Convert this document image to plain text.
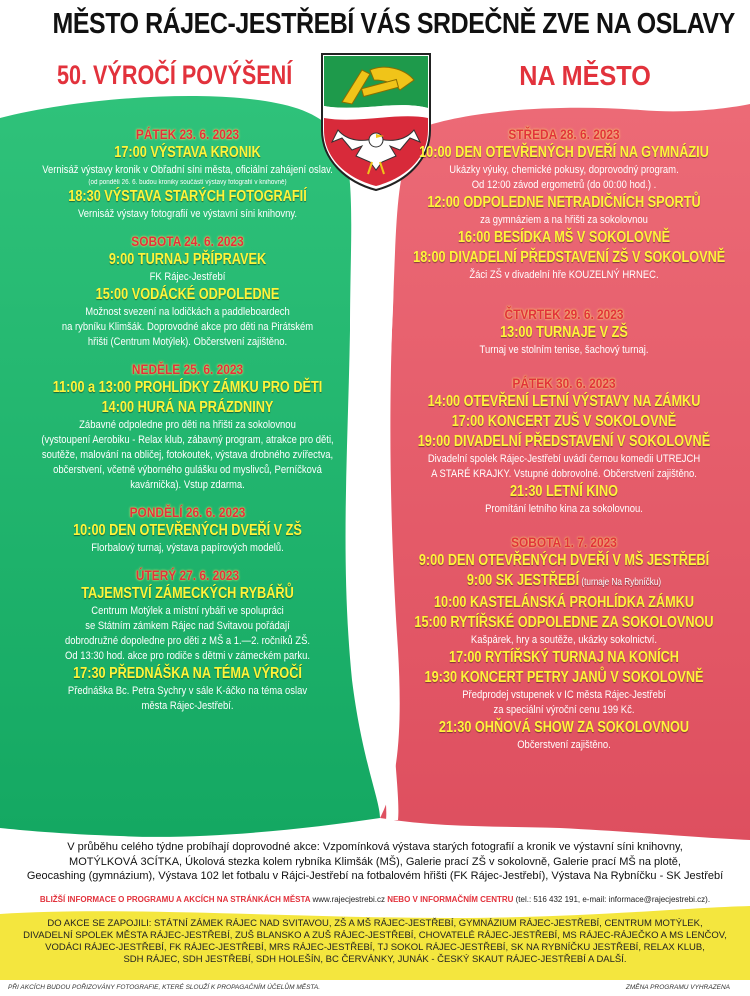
MĚSTO RÁJEC-JESTŘEBÍ VÁS SRDEČNĚ ZVE NA OSLAVY
50. VÝROČÍ POVÝŠENÍ	NA MĚSTO
PÁTEK 23. 6. 2023
17:00 VÝSTAVA KRONIK
Vernisáž výstavy kronik v Obřadní síni města, oficiální zahájení oslav.
(od pondělí 26. 6. budou kroniky součástí výstavy fotografií v knihovně)
18:30 VÝSTAVA STARÝCH FOTOGRAFIÍ
Vernisáž výstavy fotografií ve výstavní síni knihovny.
SOBOTA 24. 6. 2023
9:00 TURNAJ PŘÍPRAVEK
FK Rájec-Jestřebí
15:00 VODÁCKÉ ODPOLEDNE
Možnost svezení na lodičkách a paddleboardech
na rybníku Klimšák. Doprovodné akce pro děti na Pirátském
hřišti (Centrum Motýlek). Občerstvení zajištěno.
NEDĚLE 25. 6. 2023
11:00 a 13:00 PROHLÍDKY ZÁMKU PRO DĚTI
14:00 HURÁ NA PRÁZDNINY
Zábavné odpoledne pro děti na hřišti za sokolovnou
(vystoupení Aerobiku - Relax klub, zábavný program, atrakce pro děti,
soutěže, malování na obličej, fotokoutek, výstava drobného zvířectva,
občerstvení, včetně výborného gulášku od myslivců, Perníčková
kavárnička). Vstup zdarma.
PONDĚLÍ 26. 6. 2023
10:00 DEN OTEVŘENÝCH DVEŘÍ V ZŠ
Florbalový turnaj, výstava papírových modelů.
ÚTERÝ 27. 6. 2023
TAJEMSTVÍ ZÁMECKÝCH RYBÁŘŮ
Centrum Motýlek a místní rybáři ve spolupráci
se Státním zámkem Rájec nad Svitavou pořádají
dobrodružné dopoledne pro děti z MŠ a 1.—2. ročníků ZŠ.
Od 13:30 hod. akce pro rodiče s dětmi v zámeckém parku.
17:30 PŘEDNÁŠKA NA TÉMA VÝROČÍ
Přednáška Bc. Petra Sychry v sále K-áčko na téma oslav
města Rájec-Jestřebí.
STŘEDA 28. 6. 2023
10:00 DEN OTEVŘENÝCH DVEŘÍ NA GYMNÁZIU
Ukázky výuky, chemické pokusy, doprovodný program.
Od 12:00 závod ergometrů (do 00:00 hod.) .
12:00 ODPOLEDNE NETRADIČNÍCH SPORTŮ
za gymnáziem a na hřišti za sokolovnou
16:00 BESÍDKA MŠ V SOKOLOVNĚ
18:00 DIVADELNÍ PŘEDSTAVENÍ ZŠ V SOKOLOVNĚ
Žáci ZŠ v divadelní hře KOUZELNÝ HRNEC.
ČTVRTEK 29. 6. 2023
13:00 TURNAJE V ZŠ
Turnaj ve stolním tenise, šachový turnaj.
PÁTEK 30. 6. 2023
14:00 OTEVŘENÍ LETNÍ VÝSTAVY NA ZÁMKU
17:00 KONCERT ZUŠ V SOKOLOVNĚ
19:00 DIVADELNÍ PŘEDSTAVENÍ V SOKOLOVNĚ
Divadelní spolek Rájec-Jestřebí uvádí černou komedii UTREJCH
A STARÉ KRAJKY. Vstupné dobrovolné. Občerstvení zajištěno.
21:30 LETNÍ KINO
Promítání letního kina za sokolovnou.
SOBOTA 1. 7. 2023
9:00 DEN OTEVŘENÝCH DVEŘÍ V MŠ JESTŘEBÍ
9:00 SK JESTŘEBÍ (turnaje Na Rybníčku)
10:00 KASTELÁNSKÁ PROHLÍDKA ZÁMKU
15:00 RYTÍŘSKÉ ODPOLEDNE ZA SOKOLOVNOU
Kašpárek, hry a soutěže, ukázky sokolnictví.
17:00 RYTÍŘSKÝ TURNAJ NA KONÍCH
19:30 KONCERT PETRY JANŮ V SOKOLOVNĚ
Předprodej vstupenek v IC města Rájec-Jestřebí
za speciální výroční cenu 199 Kč.
21:30 OHŇOVÁ SHOW ZA SOKOLOVNOU
Občerstvení zajištěno.
V průběhu celého týdne probíhají doprovodné akce: Vzpomínková výstava starých fotografií a kronik ve výstavní síni knihovny,
MOTÝLKOVÁ 3CÍTKA, Úkolová stezka kolem rybníka Klimšák (MŠ), Galerie prací ZŠ v sokolovně, Galerie prací MŠ na plotě,
Geocashing (gymnázium), Výstava 102 let fotbalu v Rájci-Jestřebí na fotbalovém hřišti (FK Rájec-Jestřebí), Výstava Na Rybníčku - SK Jestřebí
BLIŽŠÍ INFORMACE O PROGRAMU A AKCÍCH NA STRÁNKÁCH MĚSTA www.rajecjestrebi.cz NEBO V INFORMAČNÍM CENTRU (tel.: 516 432 191, e-mail: informace@rajecjestrebi.cz).
DO AKCE SE ZAPOJILI: STÁTNÍ ZÁMEK RÁJEC NAD SVITAVOU, ZŠ A MŠ RÁJEC-JESTŘEBÍ, GYMNÁZIUM RÁJEC-JESTŘEBÍ, CENTRUM MOTÝLEK,
DIVADELNÍ SPOLEK MĚSTA RÁJEC-JESTŘEBÍ, ZUŠ BLANSKO A ZUŠ RÁJEC-JESTŘEBÍ, CHOVATELÉ RÁJEC-JESTŘEBÍ, MS RÁJEC-RÁJEČKO A MS LENČOV,
VODÁCI RÁJEC-JESTŘEBÍ, FK RÁJEC-JESTŘEBÍ, MRS RÁJEC-JESTŘEBÍ, TJ SOKOL RÁJEC-JESTŘEBÍ, SK NA RYBNÍČKU JESTŘEBÍ, RELAX KLUB,
SDH RÁJEC, SDH JESTŘEBÍ, SDH HOLEŠÍN, BC ČERVÁNKY, JUNÁK - ČESKÝ SKAUT RÁJEC-JESTŘEBÍ A DALŠÍ.
PŘI AKCÍCH BUDOU POŘIZOVÁNY FOTOGRAFIE, KTERÉ SLOUŽÍ K PROPAGAČNÍM ÚČELŮM MĚSTA.	ZMĚNA PROGRAMU VYHRAZENA
